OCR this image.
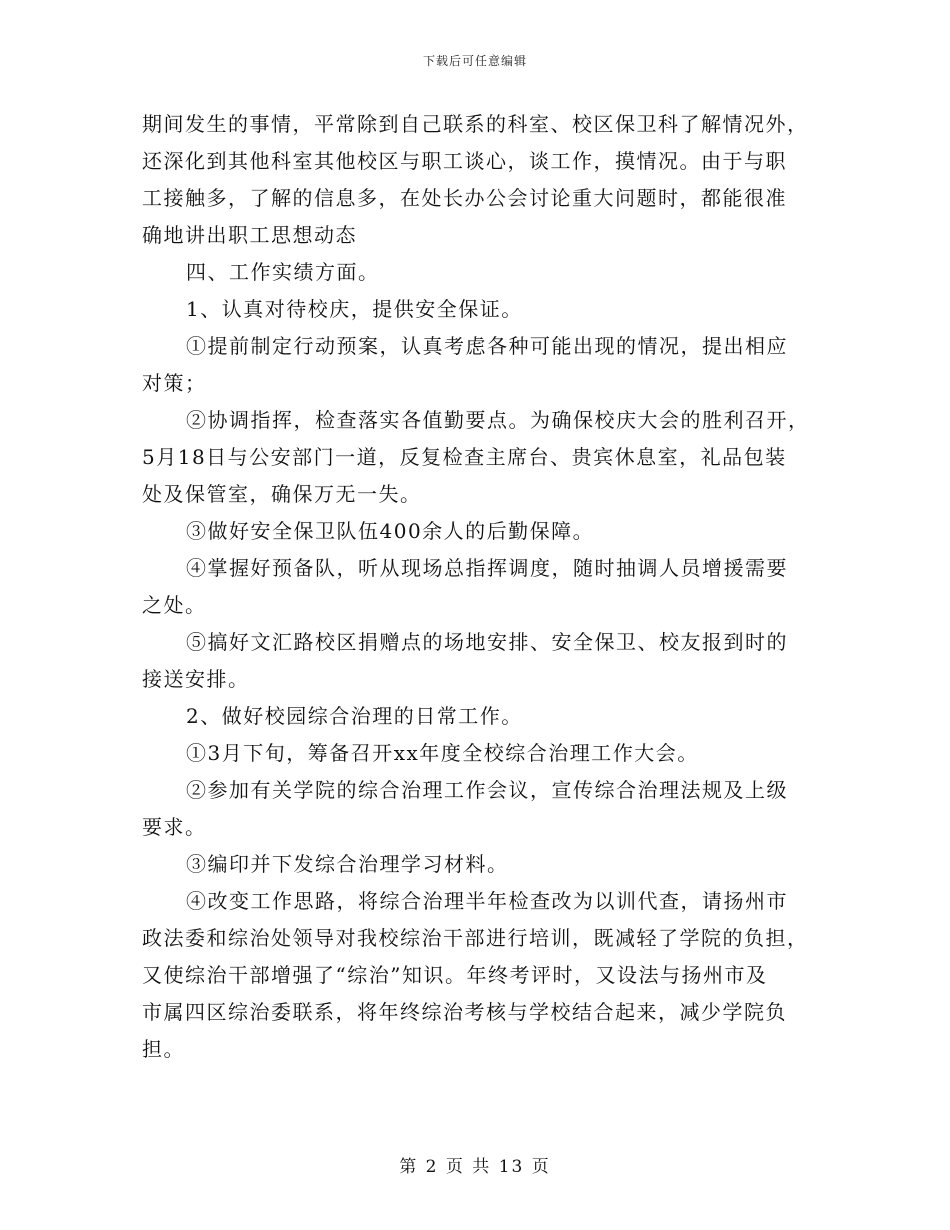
下载后可任意编辑
期间发生的事情，平常除到自己联系的科室、校区保卫科了解情况外，
还深化到其他科室其他校区与职工谈心，谈工作，摸情况。由于与职
工接触多，了解的信息多，在处长办公会讨论重大问题时，都能很准
确地讲出职工思想动态
四、工作实绩方面。
1、认真对待校庆，提供安全保证。
①提前制定行动预案，认真考虑各种可能出现的情况，提出相应
对策；
②协调指挥，检查落实各值勤要点。为确保校庆大会的胜利召开，
5月18日与公安部门一道，反复检查主席台、贵宾休息室，礼品包装
处及保管室，确保万无一失。
③做好安全保卫队伍400余人的后勤保障。
④掌握好预备队，听从现场总指挥调度，随时抽调人员增援需要
之处。
⑤搞好文汇路校区捐赠点的场地安排、安全保卫、校友报到时的
接送安排。
2、做好校园综合治理的日常工作。
①3月下旬，筹备召开xx年度全校综合治理工作大会。
②参加有关学院的综合治理工作会议，宣传综合治理法规及上级
要求。
③编印并下发综合治理学习材料。
④改变工作思路，将综合治理半年检查改为以训代查，请扬州市
政法委和综治处领导对我校综治干部进行培训，既减轻了学院的负担，
又使综治干部增强了“综治”知识。年终考评时，又设法与扬州市及
市属四区综治委联系，将年终综治考核与学校结合起来，减少学院负
担。
第 2 页 共 13 页
